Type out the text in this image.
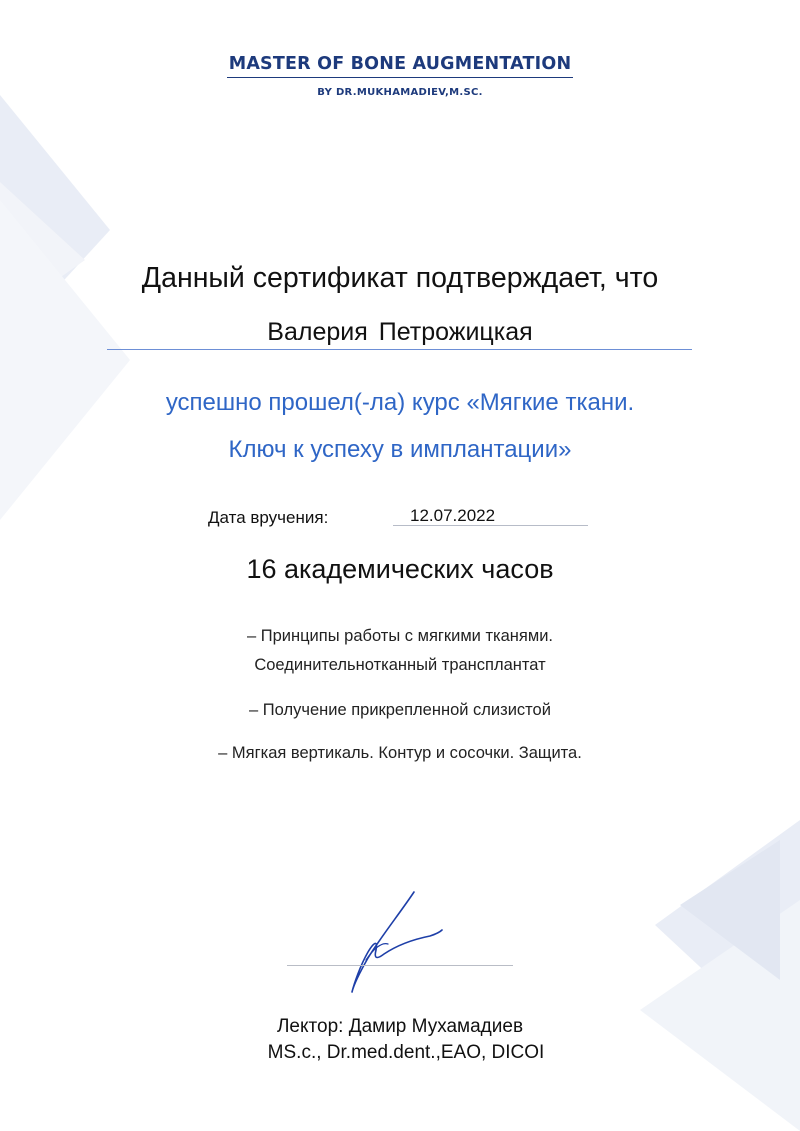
MASTER OF BONE AUGMENTATION
BY DR.MUKHAMADIEV,M.SC.
Данный сертификат подтверждает, что
Валерия Петрожицкая
успешно прошел(-ла) курс «Мягкие ткани.
Ключ к успеху в имплантации»
Дата вручения:	12.07.2022
16 академических часов
– Принципы работы с мягкими тканями.
Соединительнотканный трансплантат
– Получение прикрепленной слизистой
– Мягкая вертикаль. Контур и сосочки. Защита.
Лектор: Дамир Мухамадиев
MS.c., Dr.med.dent.,EAO, DICOI
